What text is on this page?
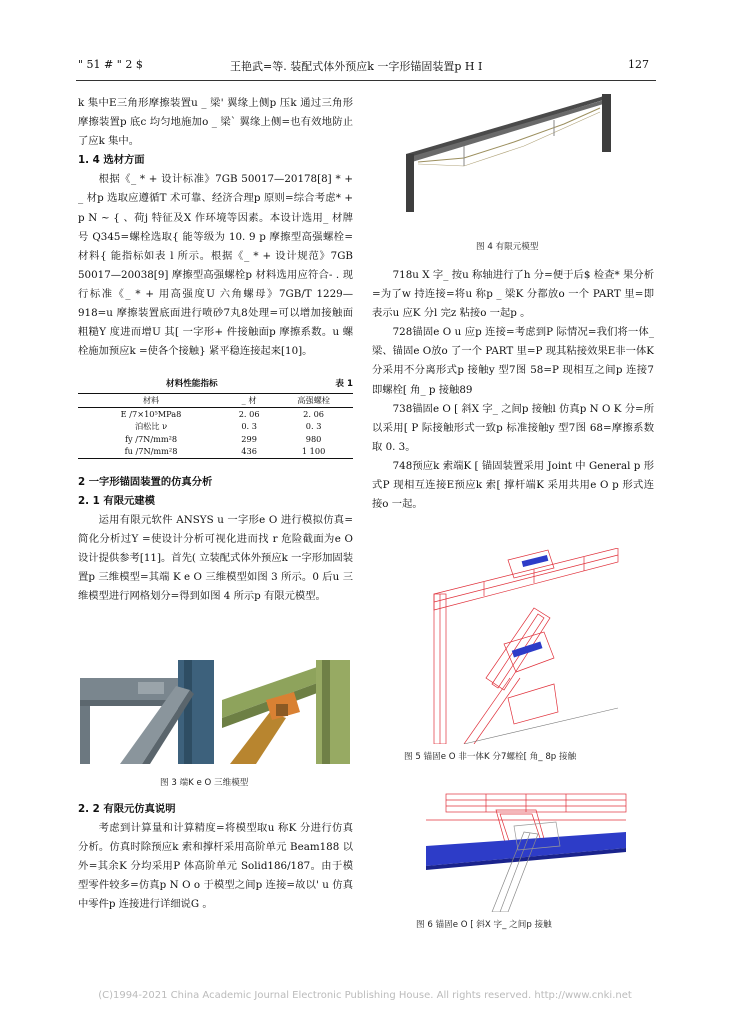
" 51 # " 2 $	王艳武=等. 装配式体外预应k 一字形锚固装置p H I	127

k 集中E三角形摩擦装置u _ 梁' 翼缘上侧p 压k 通过三角形摩擦装置p 底c 均匀地施加o _ 梁` 翼缘上侧=也有效地防止了应k 集中。

1. 4 选材方面

根据《_ * + 设计标准》7GB 50017—20178[8] * + _ 材p 选取应遵循T 术可靠、经济合理p 原则=综合考虑* + p N ~ { 、荷j 特征及X 作环境等因素。本设计选用_ 材牌号 Q345=螺栓选取{ 能等级为 10. 9 p 摩擦型高强螺栓=材料{ 能指标如表 l 所示。根据《_ * + 设计规范》7GB 50017—20038[9] 摩擦型高强螺栓p 材料选用应符合- . 现行标准《_ * + 用高强度U 六角螺母》7GB/T 1229—918=u 摩擦装置底面进行喷砂7丸8处理=可以增加接触面粗糙Y 度进而增U 其[ 一字形+ 件接触面p 摩擦系数。u 螺栓施加预应k =使各个接触} 紧平稳连接起来[10]。

材料性能指标	表 1
材料	_ 材	高强螺栓
E /7×10⁵MPa8	2. 06	2. 06
泊松比 ν	0. 3	0. 3
fy /7N/mm²8	299	980
fu /7N/mm²8	436	1 100

2 一字形锚固装置的仿真分析

2. 1 有限元建模

运用有限元软件 ANSYS u 一字形e O 进行模拟仿真=简化分析过Y =使设计分析可视化进而找 r 危险截面为e O 设计提供参考[11]。首先( 立装配式体外预应k 一字形加固装置p 三维模型=其端 K e O 三维模型如图 3 所示。0 后u 三维模型进行网格划分=得到如图 4 所示p 有限元模型。

图 3 端K e O 三维模型

2. 2 有限元仿真说明

考虑到计算量和计算精度=将模型取u 称K 分进行仿真分析。仿真时除预应k 索和撑杆采用高阶单元 Beam188 以外=其余K 分均采用P 体高阶单元 Solid186/187。由于模型零件较多=仿真p N O o 于模型之间p 连接=故以' u 仿真中零件p 连接进行详细说G 。

718u X 字_ 按u 称轴进行了h 分=便于后$ 检查* 果分析=为了w 持连接=将u 称p _ 梁K 分都放o 一个 PART 里=即表示u 应K 分l 完z 粘接o 一起p 。

728锚固e O u 应p 连接=考虑到P 际情况=我们将一体_ 梁、锚固e O放o 了一个 PART 里=P 现其粘接效果E非一体K 分采用不分离形式p 接触y 型7图 58=P 现相互之间p 连接7即螺栓[ 角_ p 接触89

738锚固e O [ 斜X 字_ 之间p 接触l 仿真p N O K 分=所以采用[ P 际接触形式一致p 标准接触y 型7图 68=摩擦系数取 0. 3。

748预应k 索端K [ 锚固装置采用 Joint 中 General p 形式P 现相互连接E预应k 索[ 撑杆端K 采用共用e O p 形式连接o 一起。

图 4 有限元模型
图 5 锚固e O 非一体K 分7螺栓[ 角_ 8p 接触
图 6 锚固e O [ 斜X 字_ 之间p 接触
(C)1994-2021 China Academic Journal Electronic Publishing House. All rights reserved. http://www.cnki.net
